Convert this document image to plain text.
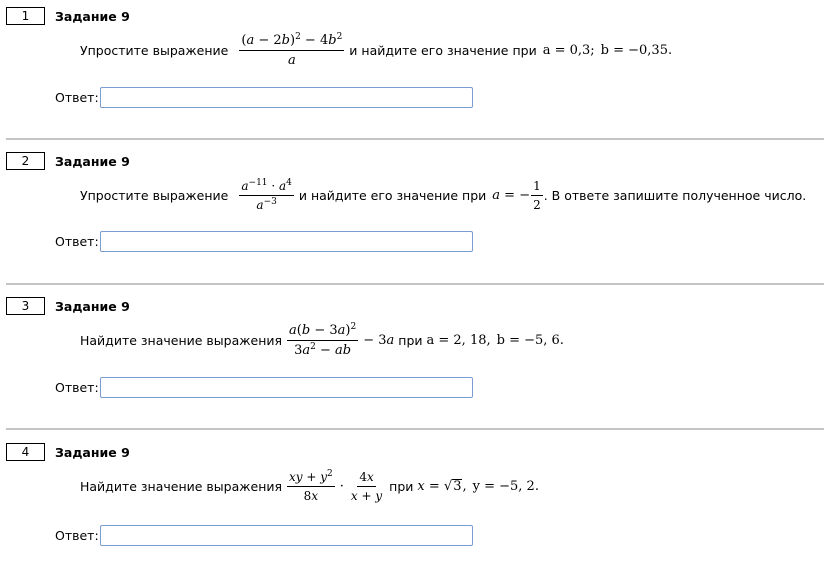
1	Задание 9
Упростите выражение $\frac{(a - 2b)^2 - 4b^2}{a}$ и найдите его значение при a = 0,3; b = −0,35.
Ответ:
2	Задание 9
Упростите выражение $\frac{a^{-11} \cdot a^4}{a^{-3}}$ и найдите его значение при a = − $\frac{1}{2}$ . В ответе запишите полученное число.
Ответ:
3	Задание 9
Найдите значение выражения $\frac{a(b - 3a)^2}{3a^2 - ab} - 3a$ при a = 2, 18, b = −5, 6.
Ответ:
4	Задание 9
Найдите значение выражения $\frac{xy + y^2}{8x} \cdot \frac{4x}{x + y}$ при x = √ 3 , y = −5, 2.
Ответ:
